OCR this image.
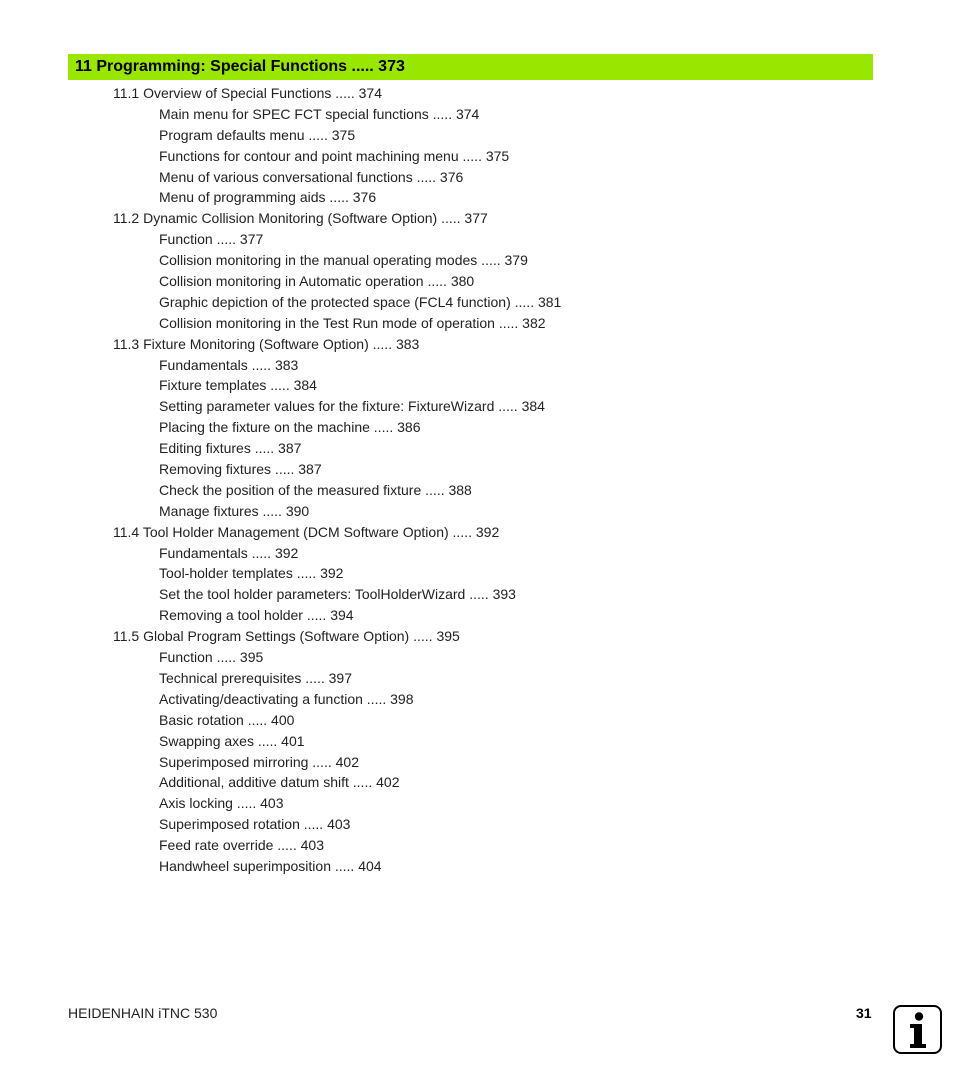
11 Programming: Special Functions ..... 373
11.1 Overview of Special Functions ..... 374
Main menu for SPEC FCT special functions ..... 374
Program defaults menu ..... 375
Functions for contour and point machining menu ..... 375
Menu of various conversational functions ..... 376
Menu of programming aids ..... 376
11.2 Dynamic Collision Monitoring (Software Option) ..... 377
Function ..... 377
Collision monitoring in the manual operating modes ..... 379
Collision monitoring in Automatic operation ..... 380
Graphic depiction of the protected space (FCL4 function) ..... 381
Collision monitoring in the Test Run mode of operation ..... 382
11.3 Fixture Monitoring (Software Option) ..... 383
Fundamentals ..... 383
Fixture templates ..... 384
Setting parameter values for the fixture: FixtureWizard ..... 384
Placing the fixture on the machine ..... 386
Editing fixtures ..... 387
Removing fixtures ..... 387
Check the position of the measured fixture ..... 388
Manage fixtures ..... 390
11.4 Tool Holder Management (DCM Software Option) ..... 392
Fundamentals ..... 392
Tool-holder templates ..... 392
Set the tool holder parameters: ToolHolderWizard ..... 393
Removing a tool holder ..... 394
11.5 Global Program Settings (Software Option) ..... 395
Function ..... 395
Technical prerequisites ..... 397
Activating/deactivating a function ..... 398
Basic rotation ..... 400
Swapping axes ..... 401
Superimposed mirroring ..... 402
Additional, additive datum shift ..... 402
Axis locking ..... 403
Superimposed rotation ..... 403
Feed rate override ..... 403
Handwheel superimposition ..... 404
HEIDENHAIN iTNC 530	31
